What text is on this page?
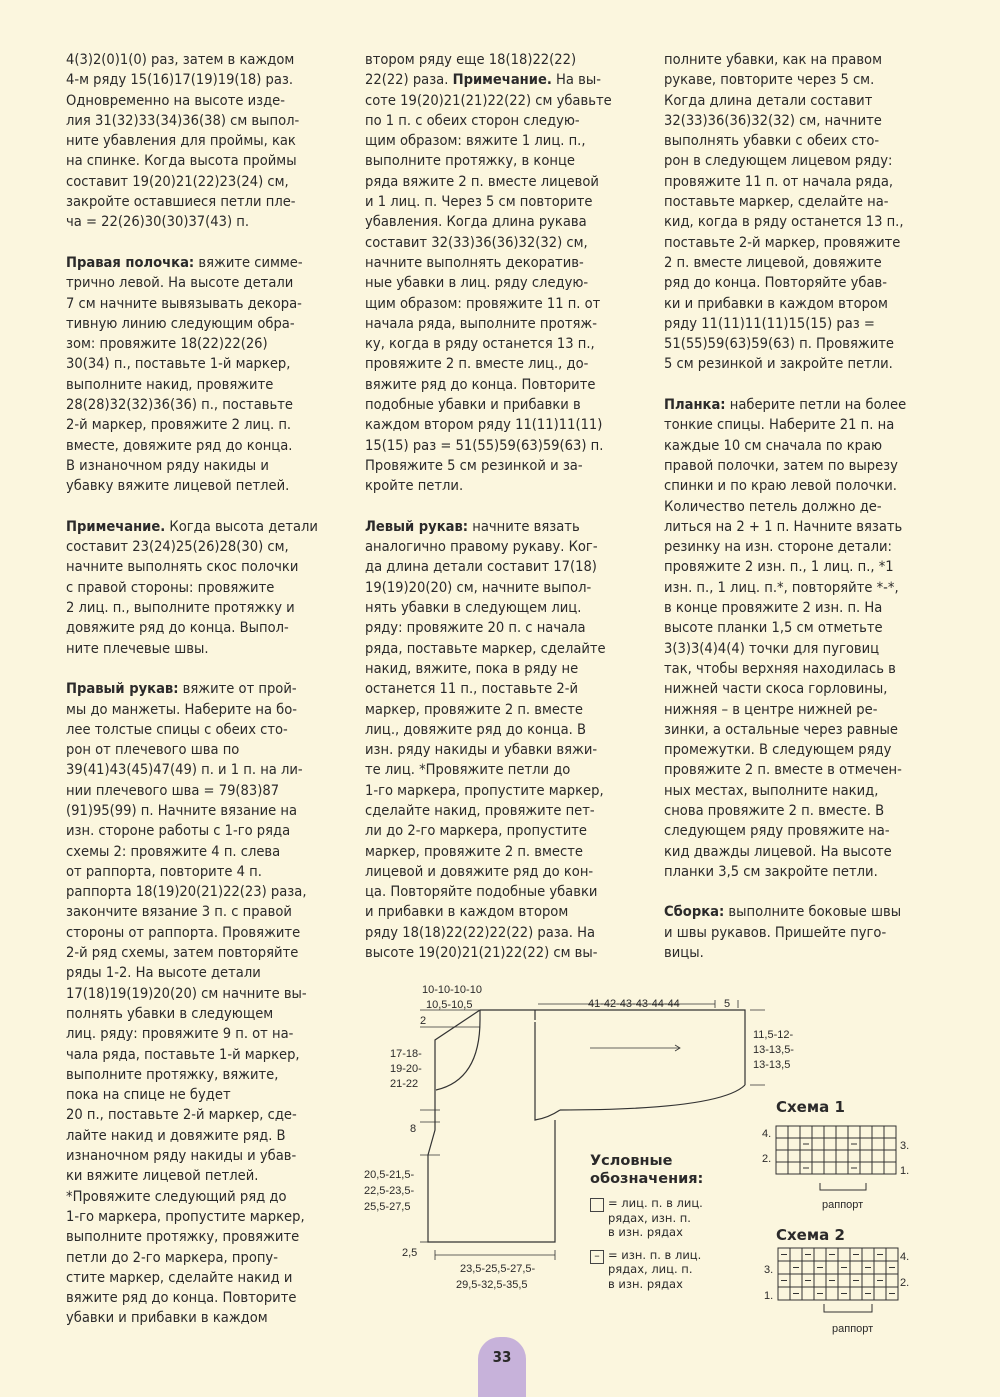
4(3)2(0)1(0) раз, затем в каждом
4-м ряду 15(16)17(19)19(18) раз.
Одновременно на высоте изде-
лия 31(32)33(34)36(38) см выпол-
ните убавления для проймы, как
на спинке. Когда высота проймы
составит 19(20)21(22)23(24) см,
закройте оставшиеся петли пле-
ча = 22(26)30(30)37(43) п.

Правая полочка: вяжите симме-
трично левой. На высоте детали
7 см начните вывязывать декора-
тивную линию следующим обра-
зом: провяжите 18(22)22(26)
30(34) п., поставьте 1-й маркер,
выполните накид, провяжите
28(28)32(32)36(36) п., поставьте
2-й маркер, провяжите 2 лиц. п.
вместе, довяжите ряд до конца.
В изнаночном ряду накиды и
убавку вяжите лицевой петлей.

Примечание. Когда высота детали
составит 23(24)25(26)28(30) см,
начните выполнять скос полочки
с правой стороны: провяжите
2 лиц. п., выполните протяжку и
довяжите ряд до конца. Выпол-
ните плечевые швы.

Правый рукав: вяжите от прой-
мы до манжеты. Наберите на бо-
лее толстые спицы с обеих сто-
рон от плечевого шва по
39(41)43(45)47(49) п. и 1 п. на ли-
нии плечевого шва = 79(83)87
(91)95(99) п. Начните вязание на
изн. стороне работы с 1-го ряда
схемы 2: провяжите 4 п. слева
от раппорта, повторите 4 п.
раппорта 18(19)20(21)22(23) раза,
закончите вязание 3 п. с правой
стороны от раппорта. Провяжите
2-й ряд схемы, затем повторяйте
ряды 1-2. На высоте детали
17(18)19(19)20(20) см начните вы-
полнять убавки в следующем
лиц. ряду: провяжите 9 п. от на-
чала ряда, поставьте 1-й маркер,
выполните протяжку, вяжите,
пока на спице не будет
20 п., поставьте 2-й маркер, сде-
лайте накид и довяжите ряд. В
изнаночном ряду накиды и убав-
ки вяжите лицевой петлей.
*Провяжите следующий ряд до
1-го маркера, пропустите маркер,
выполните протяжку, провяжите
петли до 2-го маркера, пропу-
стите маркер, сделайте накид и
вяжите ряд до конца. Повторите
убавки и прибавки в каждом

втором ряду еще 18(18)22(22)
22(22) раза. Примечание. На вы-
соте 19(20)21(21)22(22) см убавьте
по 1 п. с обеих сторон следую-
щим образом: вяжите 1 лиц. п.,
выполните протяжку, в конце
ряда вяжите 2 п. вместе лицевой
и 1 лиц. п. Через 5 см повторите
убавления. Когда длина рукава
составит 32(33)36(36)32(32) см,
начните выполнять декоратив-
ные убавки в лиц. ряду следую-
щим образом: провяжите 11 п. от
начала ряда, выполните протяж-
ку, когда в ряду останется 13 п.,
провяжите 2 п. вместе лиц., до-
вяжите ряд до конца. Повторите
подобные убавки и прибавки в
каждом втором ряду 11(11)11(11)
15(15) раз = 51(55)59(63)59(63) п.
Провяжите 5 см резинкой и за-
кройте петли.

Левый рукав: начните вязать
аналогично правому рукаву. Ког-
да длина детали составит 17(18)
19(19)20(20) см, начните выпол-
нять убавки в следующем лиц.
ряду: провяжите 20 п. с начала
ряда, поставьте маркер, сделайте
накид, вяжите, пока в ряду не
останется 11 п., поставьте 2-й
маркер, провяжите 2 п. вместе
лиц., довяжите ряд до конца. В
изн. ряду накиды и убавки вяжи-
те лиц. *Провяжите петли до
1-го маркера, пропустите маркер,
сделайте накид, провяжите пет-
ли до 2-го маркера, пропустите
маркер, провяжите 2 п. вместе
лицевой и довяжите ряд до кон-
ца. Повторяйте подобные убавки
и прибавки в каждом втором
ряду 18(18)22(22)22(22) раза. На
высоте 19(20)21(21)22(22) см вы-

полните убавки, как на правом
рукаве, повторите через 5 см.
Когда длина детали составит
32(33)36(36)32(32) см, начните
выполнять убавки с обеих сто-
рон в следующем лицевом ряду:
провяжите 11 п. от начала ряда,
поставьте маркер, сделайте на-
кид, когда в ряду останется 13 п.,
поставьте 2-й маркер, провяжите
2 п. вместе лицевой, довяжите
ряд до конца. Повторяйте убав-
ки и прибавки в каждом втором
ряду 11(11)11(11)15(15) раз =
51(55)59(63)59(63) п. Провяжите
5 см резинкой и закройте петли.

Планка: наберите петли на более
тонкие спицы. Наберите 21 п. на
каждые 10 см сначала по краю
правой полочки, затем по вырезу
спинки и по краю левой полочки.
Количество петель должно де-
литься на 2 + 1 п. Начните вязать
резинку на изн. стороне детали:
провяжите 2 изн. п., 1 лиц. п., *1
изн. п., 1 лиц. п.*, повторяйте *-*,
в конце провяжите 2 изн. п. На
высоте планки 1,5 см отметьте
3(3)3(4)4(4) точки для пуговиц
так, чтобы верхняя находилась в
нижней части скоса горловины,
нижняя – в центре нижней ре-
зинки, а остальные через равные
промежутки. В следующем ряду
провяжите 2 п. вместе в отмечен-
ных местах, выполните накид,
снова провяжите 2 п. вместе. В
следующем ряду провяжите на-
кид дважды лицевой. На высоте
планки 3,5 см закройте петли.

Сборка: выполните боковые швы
и швы рукавов. Пришейте пуго-
вицы.

10-10-10-10
10,5-10,5	41-42-43-43-44-44	5
2
17-18-
19-20-
21-22
8
20,5-21,5-
22,5-23,5-
25,5-27,5
2,5
23,5-25,5-27,5-
29,5-32,5-35,5
11,5-12-
13-13,5-
13-13,5
Условные
обозначения:
= лиц. п. в лиц.
рядах, изн. п.
в изн. рядах
– = изн. п. в лиц.
рядах, лиц. п.
в изн. рядах
Схема 1
4.
2.
3.
1.
раппорт
Схема 2
4.
3.
2.
1.
раппорт
33
